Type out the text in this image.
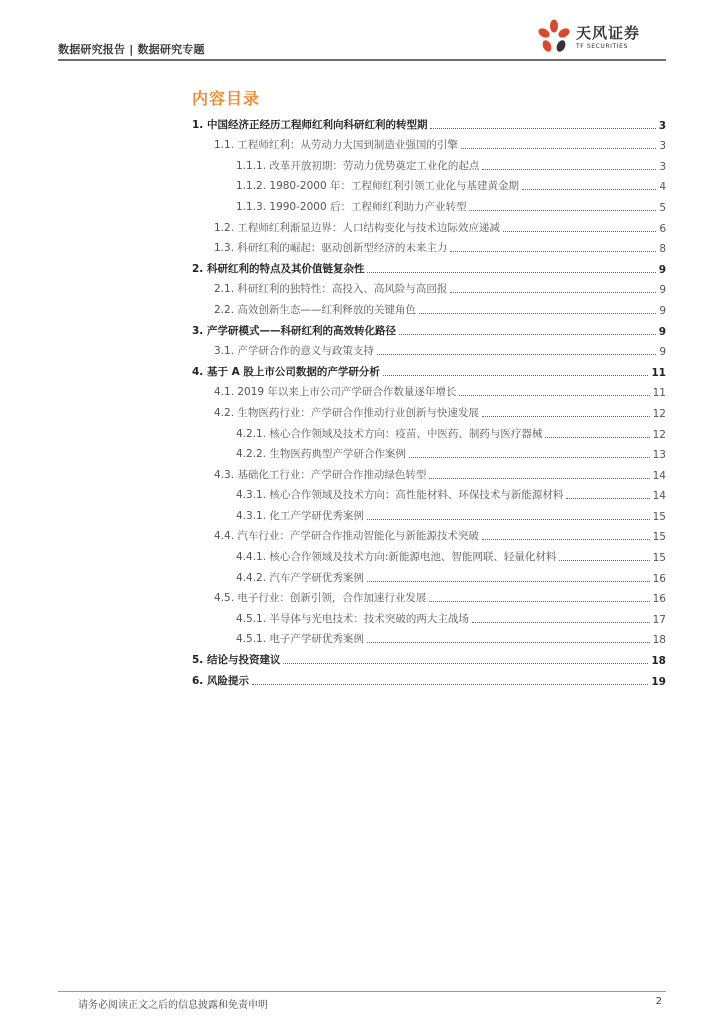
数据研究报告 | 数据研究专题
天风证券
TF SECURITIES
内容目录
1. 中国经济正经历工程师红利向科研红利的转型期	3
1.1. 工程师红利：从劳动力大国到制造业强国的引擎	3
1.1.1. 改革开放初期：劳动力优势奠定工业化的起点	3
1.1.2. 1980-2000 年：工程师红利引领工业化与基建黄金期	4
1.1.3. 1990-2000 后：工程师红利助力产业转型	5
1.2. 工程师红利渐显边界：人口结构变化与技术边际效应递减	6
1.3. 科研红利的崛起：驱动创新型经济的未来主力	8
2. 科研红利的特点及其价值链复杂性	9
2.1. 科研红利的独特性：高投入、高风险与高回报	9
2.2. 高效创新生态——红利释放的关键角色	9
3. 产学研模式——科研红利的高效转化路径	9
3.1. 产学研合作的意义与政策支持	9
4. 基于 A 股上市公司数据的产学研分析	11
4.1. 2019 年以来上市公司产学研合作数量逐年增长	11
4.2. 生物医药行业：产学研合作推动行业创新与快速发展	12
4.2.1. 核心合作领域及技术方向：疫苗、中医药、制药与医疗器械	12
4.2.2. 生物医药典型产学研合作案例	13
4.3. 基础化工行业：产学研合作推动绿色转型	14
4.3.1. 核心合作领域及技术方向：高性能材料、环保技术与新能源材料	14
4.3.1. 化工产学研优秀案例	15
4.4. 汽车行业：产学研合作推动智能化与新能源技术突破	15
4.4.1. 核心合作领域及技术方向:新能源电池、智能网联、轻量化材料	15
4.4.2. 汽车产学研优秀案例	16
4.5. 电子行业：创新引领，合作加速行业发展	16
4.5.1. 半导体与光电技术：技术突破的两大主战场	17
4.5.1. 电子产学研优秀案例	18
5. 结论与投资建议	18
6. 风险提示	19
请务必阅读正文之后的信息披露和免责申明	2
